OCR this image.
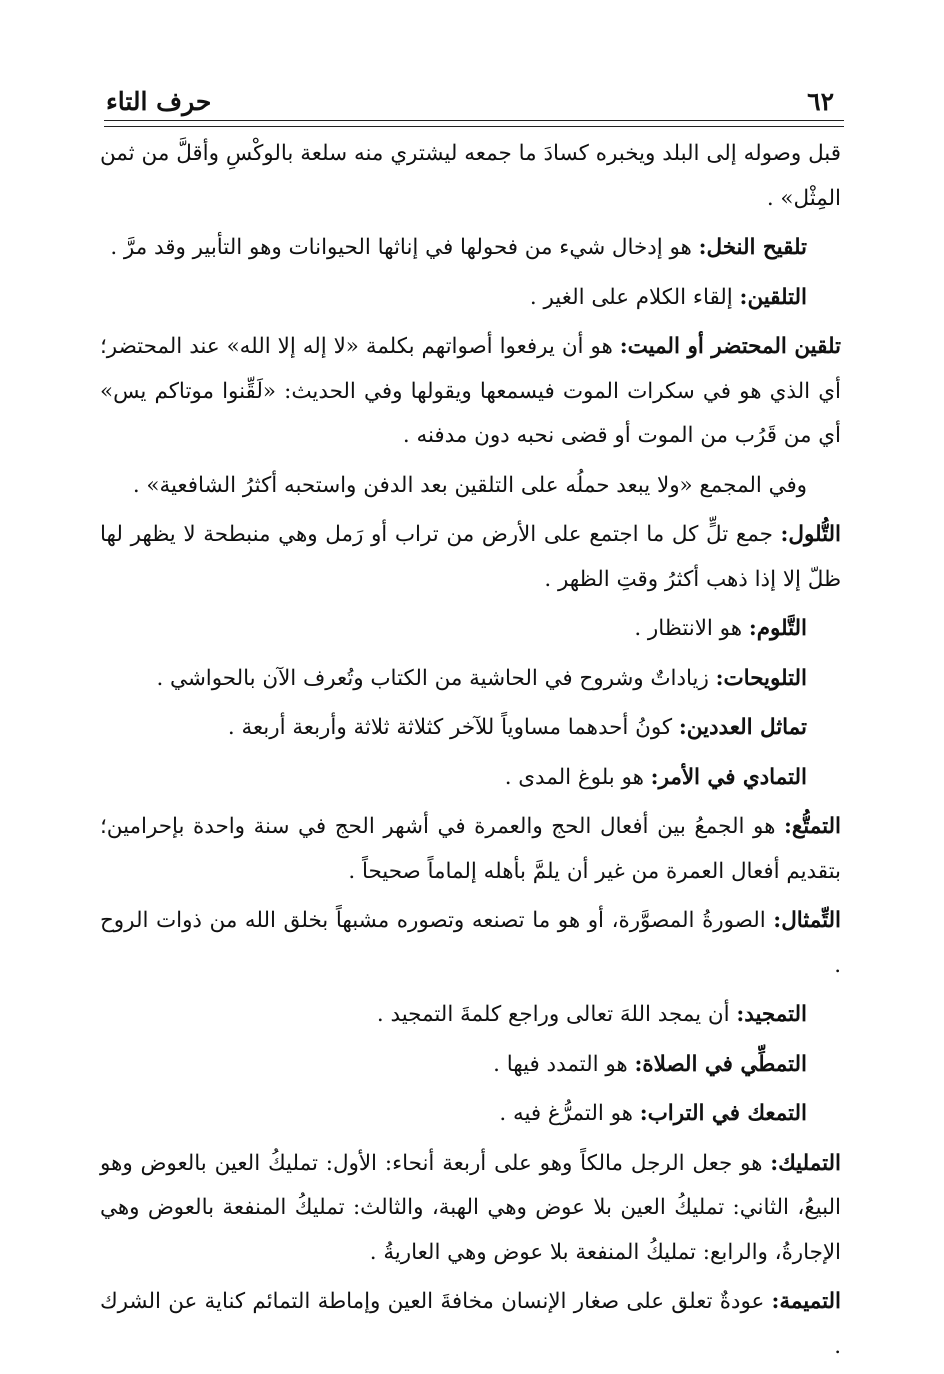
٦٢
حرف التاء

قبل وصوله إلى البلد ويخبره كسادَ ما جمعه ليشتري منه سلعة بالوكْسِ وأقلَّ من ثمن المِثْل» .

تلقيح النخل: هو إدخال شيء من فحولها في إناثها الحيوانات وهو التأبير وقد مرَّ .

التلقين: إلقاء الكلام على الغير .

تلقين المحتضر أو الميت: هو أن يرفعوا أصواتهم بكلمة «لا إله إلا الله» عند المحتضر؛ أي الذي هو في سكرات الموت فيسمعها ويقولها وفي الحديث: «لَقِّنوا موتاكم يس» أي من قَرُب من الموت أو قضى نحبه دون مدفنه .

وفي المجمع «ولا يبعد حملُه على التلقين بعد الدفن واستحبه أكثرُ الشافعية» .

التُّلول: جمع تلٍّ كل ما اجتمع على الأرض من تراب أو رَمل وهي منبطحة لا يظهر لها ظلّ إلا إذا ذهب أكثرُ وقتِ الظهر .

التَّلوم: هو الانتظار .

التلويحات: زياداتٌ وشروح في الحاشية من الكتاب وتُعرف الآن بالحواشي .

تماثل العددين: كونُ أحدهما مساوياً للآخر كثلاثة ثلاثة وأربعة أربعة .

التمادي في الأمر: هو بلوغ المدى .

التمتُّع: هو الجمعُ بين أفعال الحج والعمرة في أشهر الحج في سنة واحدة بإحرامين؛ بتقديم أفعال العمرة من غير أن يلمَّ بأهله إلماماً صحيحاً .

التِّمثال: الصورةُ المصوَّرة، أو هو ما تصنعه وتصوره مشبهاً بخلق الله من ذوات الروح .

التمجيد: أن يمجد اللهَ تعالى وراجع كلمةَ التمجيد .

التمطِّي في الصلاة: هو التمدد فيها .

التمعك في التراب: هو التمرُّغ فيه .

التمليك: هو جعل الرجل مالكاً وهو على أربعة أنحاء: الأول: تمليكُ العين بالعوض وهو البيعُ، الثاني: تمليكُ العين بلا عوض وهي الهبة، والثالث: تمليكُ المنفعة بالعوض وهي الإجارةُ، والرابع: تمليكُ المنفعة بلا عوض وهي العاريةُ .

التميمة: عودةٌ تعلق على صغار الإنسان مخافةَ العين وإماطة التمائم كناية عن الشرك .
